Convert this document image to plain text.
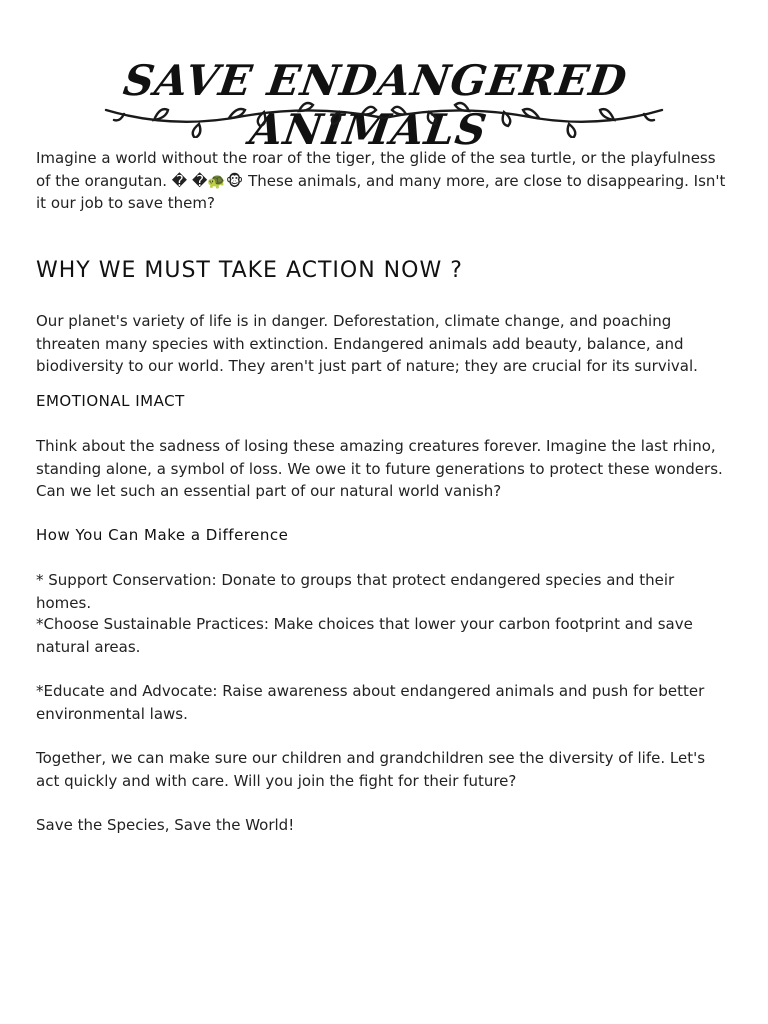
SAVE ENDANGERED ANIMALS

Imagine a world without the roar of the tiger, the glide of the sea turtle, or the playfulness of the orangutan. � �🐢🐵 These animals, and many more, are close to disappearing. Isn't it our job to save them?

WHY WE MUST TAKE ACTION NOW ?

Our planet's variety of life is in danger. Deforestation, climate change, and poaching threaten many species with extinction. Endangered animals add beauty, balance, and biodiversity to our world. They aren't just part of nature; they are crucial for its survival.

EMOTIONAL IMACT

Think about the sadness of losing these amazing creatures forever. Imagine the last rhino, standing alone, a symbol of loss. We owe it to future generations to protect these wonders. Can we let such an essential part of our natural world vanish?

How You Can Make a Difference

* Support Conservation: Donate to groups that protect endangered species and their homes.

*Choose Sustainable Practices: Make choices that lower your carbon footprint and save natural areas.

*Educate and Advocate: Raise awareness about endangered animals and push for better environmental laws.

Together, we can make sure our children and grandchildren see the diversity of life. Let's act quickly and with care. Will you join the fight for their future?

Save the Species, Save the World!
